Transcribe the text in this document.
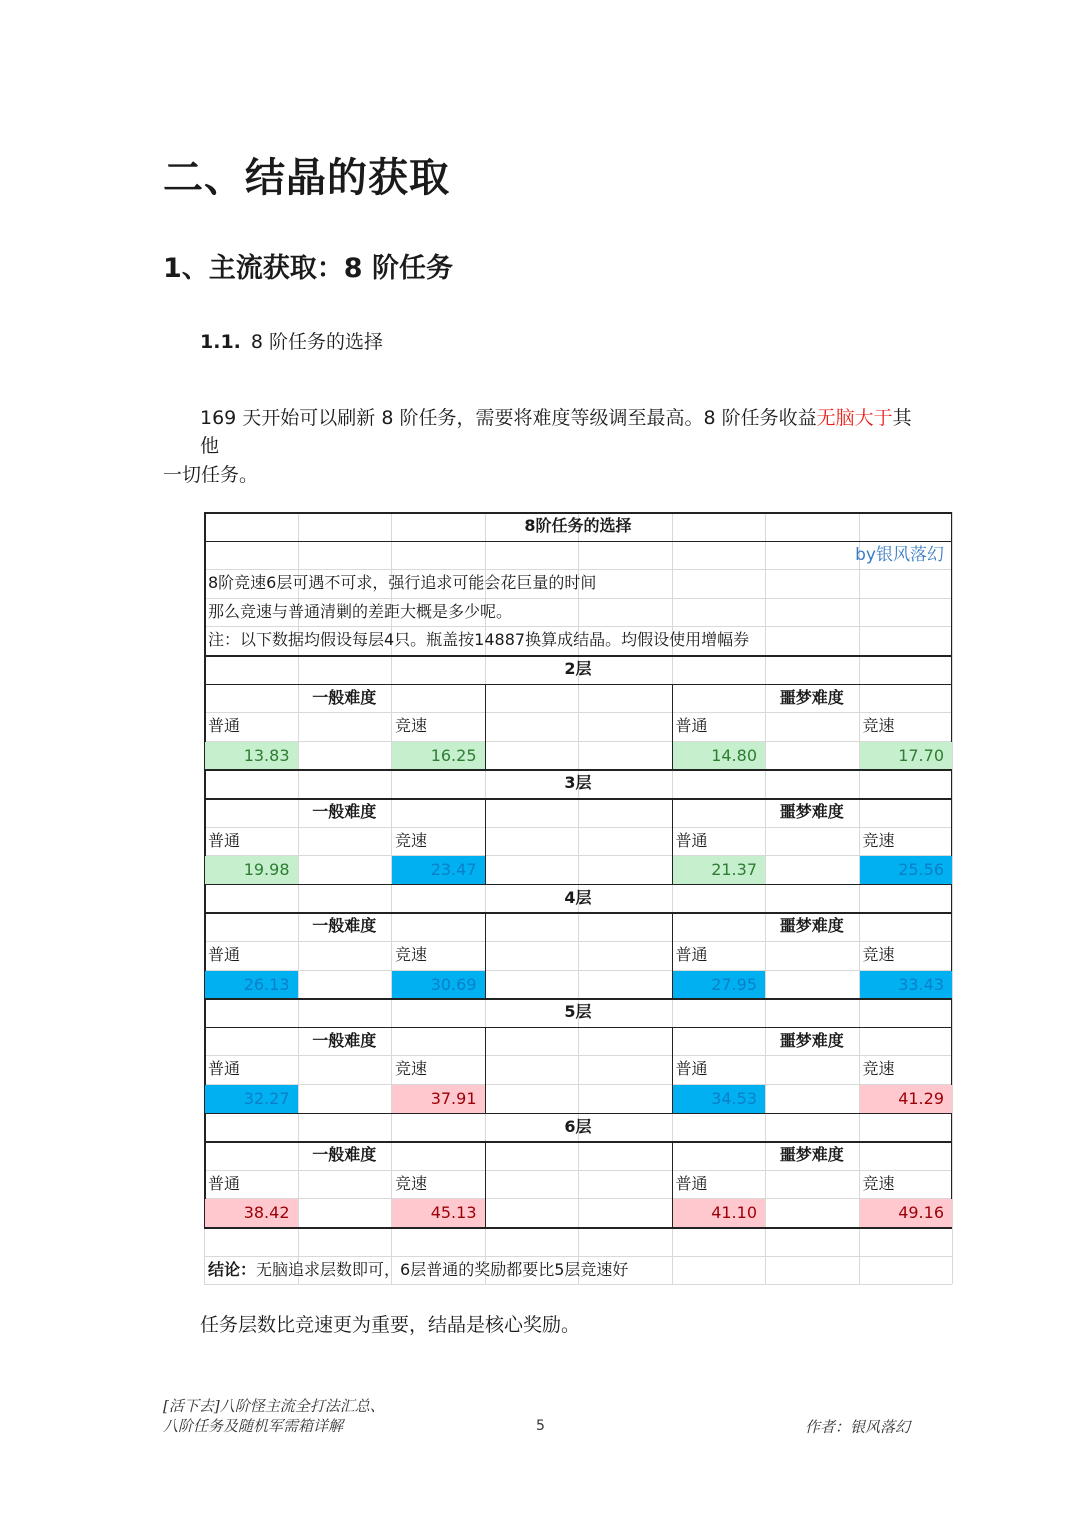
二、结晶的获取
1、主流获取：8 阶任务
1.1. 8 阶任务的选择
169 天开始可以刷新 8 阶任务，需要将难度等级调至最高。8 阶任务收益无脑大于其他
一切任务。
8阶任务的选择
by银风落幻
8阶竞速6层可遇不可求，强行追求可能会花巨量的时间
那么竞速与普通清剿的差距大概是多少呢。
注：以下数据均假设每层4只。瓶盖按14887换算成结晶。均假设使用增幅券
2层
一般难度	噩梦难度
普通	竞速	普通	竞速
13.83	16.25	14.80	17.70
3层
一般难度	噩梦难度
普通	竞速	普通	竞速
19.98	23.47	21.37	25.56
4层
一般难度	噩梦难度
普通	竞速	普通	竞速
26.13	30.69	27.95	33.43
5层
一般难度	噩梦难度
普通	竞速	普通	竞速
32.27	37.91	34.53	41.29
6层
一般难度	噩梦难度
普通	竞速	普通	竞速
38.42	45.13	41.10	49.16
结论：无脑追求层数即可，6层普通的奖励都要比5层竞速好
任务层数比竞速更为重要，结晶是核心奖励。
[活下去]八阶怪主流全打法汇总、
八阶任务及随机军需箱详解	5	作者：银风落幻
